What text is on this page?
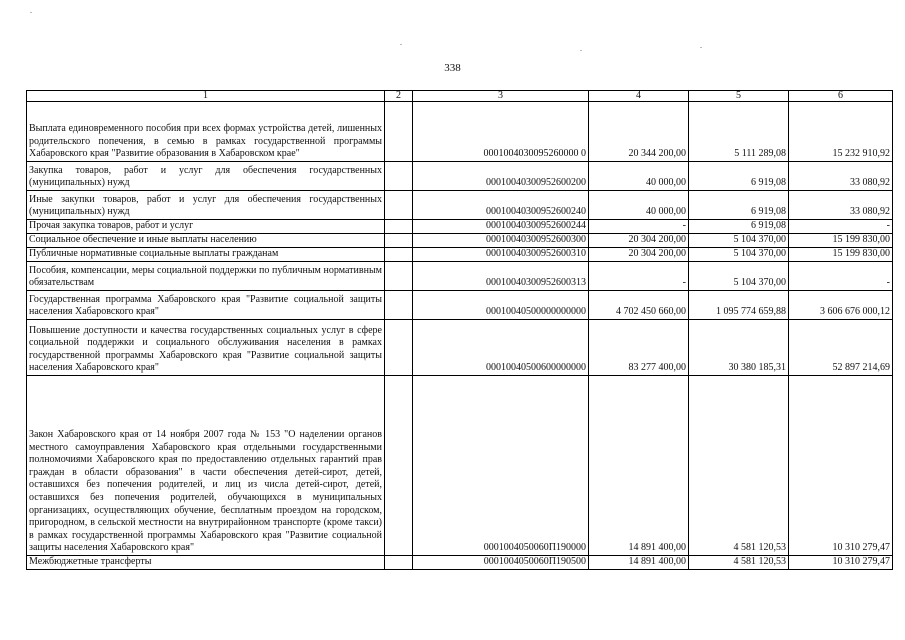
338
1	2	3	4	5	6
Выплата единовременного пособия при всех формах устройства детей, лишенных родительского попечения, в семью в рамках государственной программы Хабаровского края "Развитие образования в Хабаровском крае"		0001004030095260000 0	20 344 200,00	5 111 289,08	15 232 910,92
Закупка товаров, работ и услуг для обеспечения государственных (муниципальных) нужд		00010040300952600200	40 000,00	6 919,08	33 080,92
Иные закупки товаров, работ и услуг для обеспечения государственных (муниципальных) нужд		00010040300952600240	40 000,00	6 919,08	33 080,92
Прочая закупка товаров, работ и услуг		00010040300952600244	-	6 919,08	-
Социальное обеспечение и иные выплаты населению		00010040300952600300	20 304 200,00	5 104 370,00	15 199 830,00
Публичные нормативные социальные выплаты гражданам		00010040300952600310	20 304 200,00	5 104 370,00	15 199 830,00
Пособия, компенсации, меры социальной поддержки по публичным нормативным обязательствам		00010040300952600313	-	5 104 370,00	-
Государственная программа Хабаровского края "Развитие социальной защиты населения Хабаровского края"		00010040500000000000	4 702 450 660,00	1 095 774 659,88	3 606 676 000,12
Повышение доступности и качества государственных социальных услуг в сфере социальной поддержки и социального обслуживания населения в рамках государственной программы Хабаровского края "Развитие социальной защиты населения Хабаровского края"		00010040500600000000	83 277 400,00	30 380 185,31	52 897 214,69
Закон Хабаровского края от 14 ноября 2007 года № 153 "О наделении органов местного самоуправления Хабаровского края отдельными государственными полномочиями Хабаровского края по предоставлению отдельных гарантий прав граждан в области образования" в части обеспечения детей-сирот, детей, оставшихся без попечения родителей, и лиц из числа детей-сирот, детей, оставшихся без попечения родителей, обучающихся в муниципальных организациях, осуществляющих обучение, бесплатным проездом на городском, пригородном, в сельской местности на внутрирайонном транспорте (кроме такси) в рамках государственной программы Хабаровского края "Развитие социальной защиты населения Хабаровского края"		0001004050060П190000	14 891 400,00	4 581 120,53	10 310 279,47
Межбюджетные трансферты		0001004050060П190500	14 891 400,00	4 581 120,53	10 310 279,47
